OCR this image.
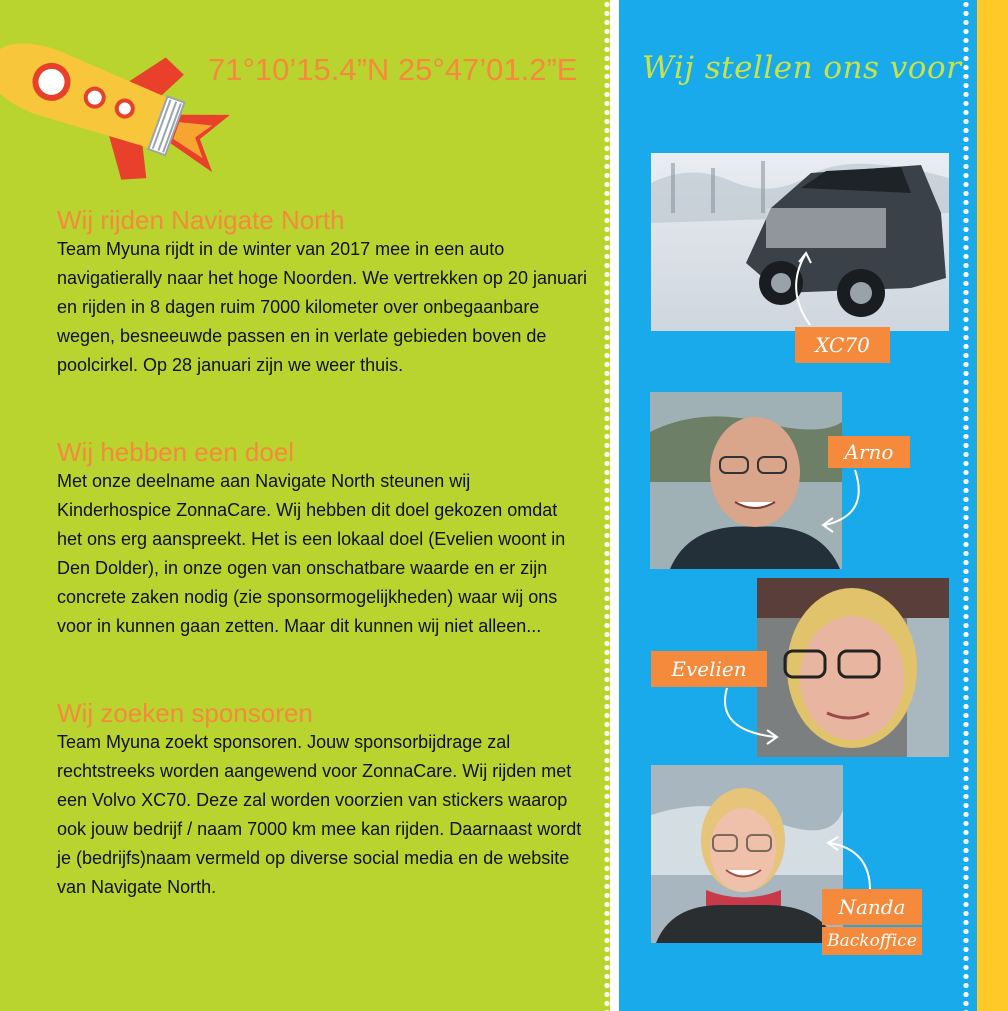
71°10’15.4”N 25°47’01.2”E Wij stellen ons voor
Wij rijden Navigate North

Team Myuna rijdt in de winter van 2017 mee in een auto navigatierally naar het hoge Noorden. We vertrekken op 20 januari en rijden in 8 dagen ruim 7000 kilometer over onbegaanbare wegen, besneeuwde passen en in verlate gebieden boven de poolcirkel. Op 28 januari zijn we weer thuis.

Wij hebben een doel

Met onze deelname aan Navigate North steunen wij Kinderhospice ZonnaCare. Wij hebben dit doel gekozen omdat het ons erg aanspreekt. Het is een lokaal doel (Evelien woont in Den Dolder), in onze ogen van onschatbare waarde en er zijn concrete zaken nodig (zie sponsormogelijkheden) waar wij ons voor in kunnen gaan zetten. Maar dit kunnen wij niet alleen...

Wij zoeken sponsoren

Team Myuna zoekt sponsoren. Jouw sponsorbijdrage zal rechtstreeks worden aangewend voor ZonnaCare. Wij rijden met een Volvo XC70. Deze zal worden voorzien van stickers waarop ook jouw bedrijf / naam 7000 km mee kan rijden. Daarnaast wordt je (bedrijfs)naam vermeld op diverse social media en de website van Navigate North.

XC70
Arno
Evelien
Nanda
Backoffice
